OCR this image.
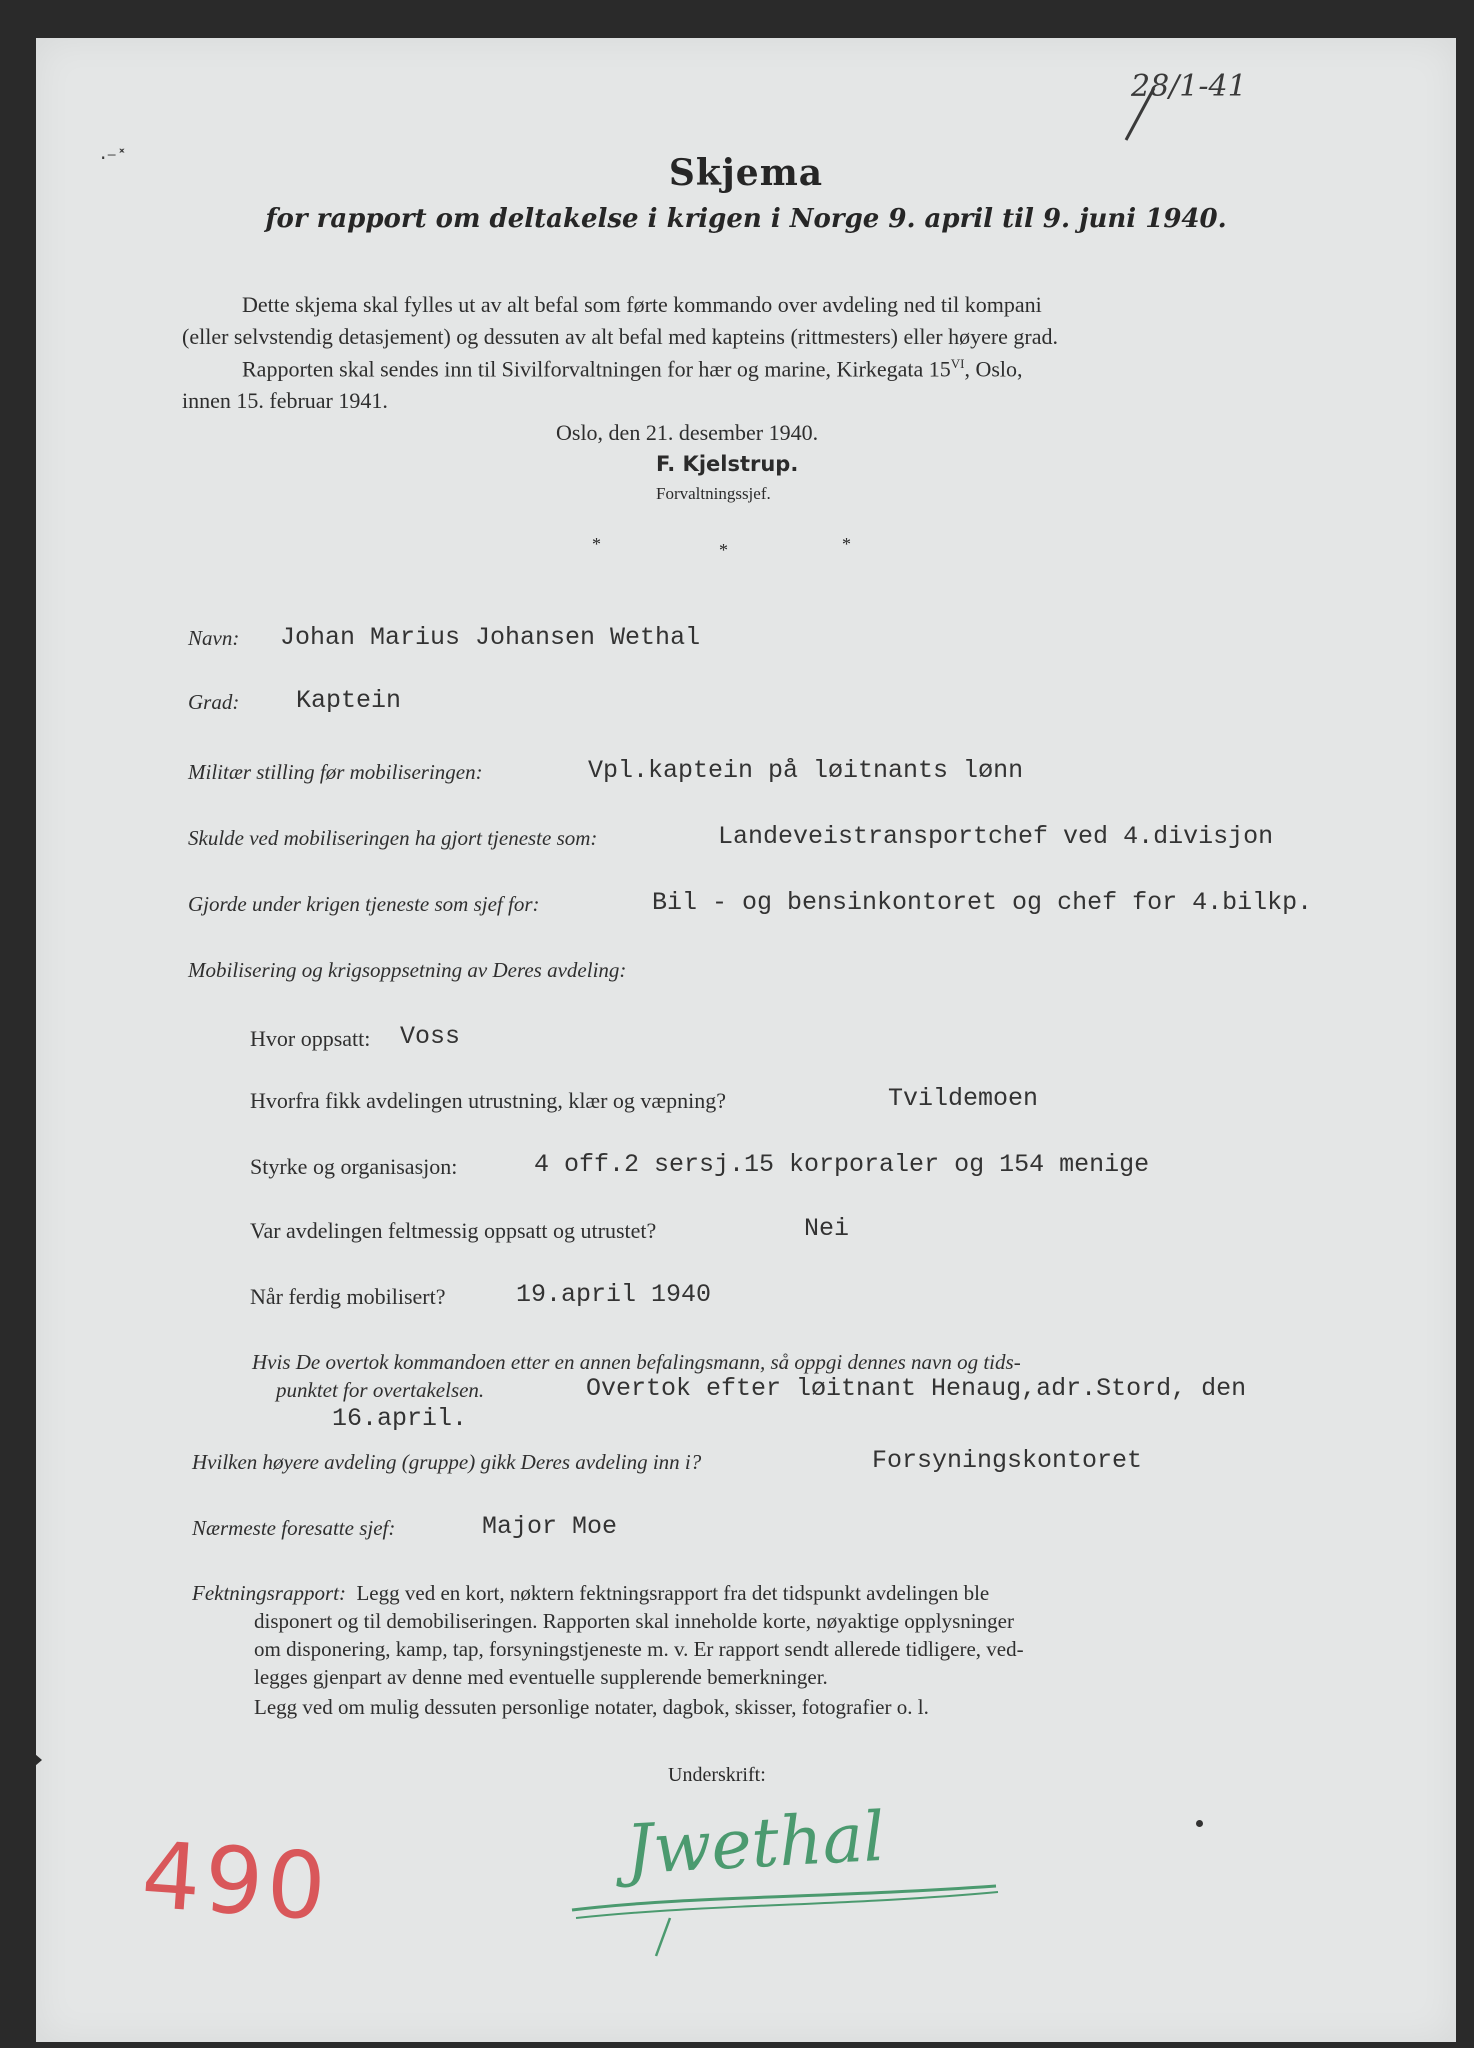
28/1-41
·⁻˟	Skjema
for rapport om deltakelse i krigen i Norge 9. april til 9. juni 1940.
Dette skjema skal fylles ut av alt befal som førte kommando over avdeling ned til kompani
(eller selvstendig detasjement) og dessuten av alt befal med kapteins (rittmesters) eller høyere grad.
Rapporten skal sendes inn til Sivilforvaltningen for hær og marine, Kirkegata $15^{VI}$, Oslo,
innen 15. februar 1941.
Oslo, den 21. desember 1940.
F. Kjelstrup.
Forvaltningssjef.
*	*	*
Navn: Johan Marius Johansen Wethal
Grad: Kaptein
Militær stilling før mobiliseringen:	Vpl.kaptein på løitnants lønn
Skulde ved mobiliseringen ha gjort tjeneste som:	Landeveistransportchef ved 4.divisjon
Gjorde under krigen tjeneste som sjef for:	Bil - og bensinkontoret og chef for 4.bilkp.
Mobilisering og krigsoppsetning av Deres avdeling:
Hvor oppsatt: Voss
Hvorfra fikk avdelingen utrustning, klær og væpning?	Tvildemoen
Styrke og organisasjon:	4 off.2 sersj.15 korporaler og 154 menige
Var avdelingen feltmessig oppsatt og utrustet?	Nei
Når ferdig mobilisert?	19.april 1940
Hvis De overtok kommandoen etter en annen befalingsmann, så oppgi dennes navn og tids-
punktet for overtakelsen.	Overtok efter løitnant Henaug,adr.Stord, den
16.april.
Hvilken høyere avdeling (gruppe) gikk Deres avdeling inn i?	Forsyningskontoret
Nærmeste foresatte sjef:	Major Moe
Fektningsrapport: Legg ved en kort, nøktern fektningsrapport fra det tidspunkt avdelingen ble
disponert og til demobiliseringen. Rapporten skal inneholde korte, nøyaktige opplysninger
om disponering, kamp, tap, forsyningstjeneste m. v. Er rapport sendt allerede tidligere, ved-
legges gjenpart av denne med eventuelle supplerende bemerkninger.
Legg ved om mulig dessuten personlige notater, dagbok, skisser, fotografier o. l.
Underskrift:
Jwethal
490
